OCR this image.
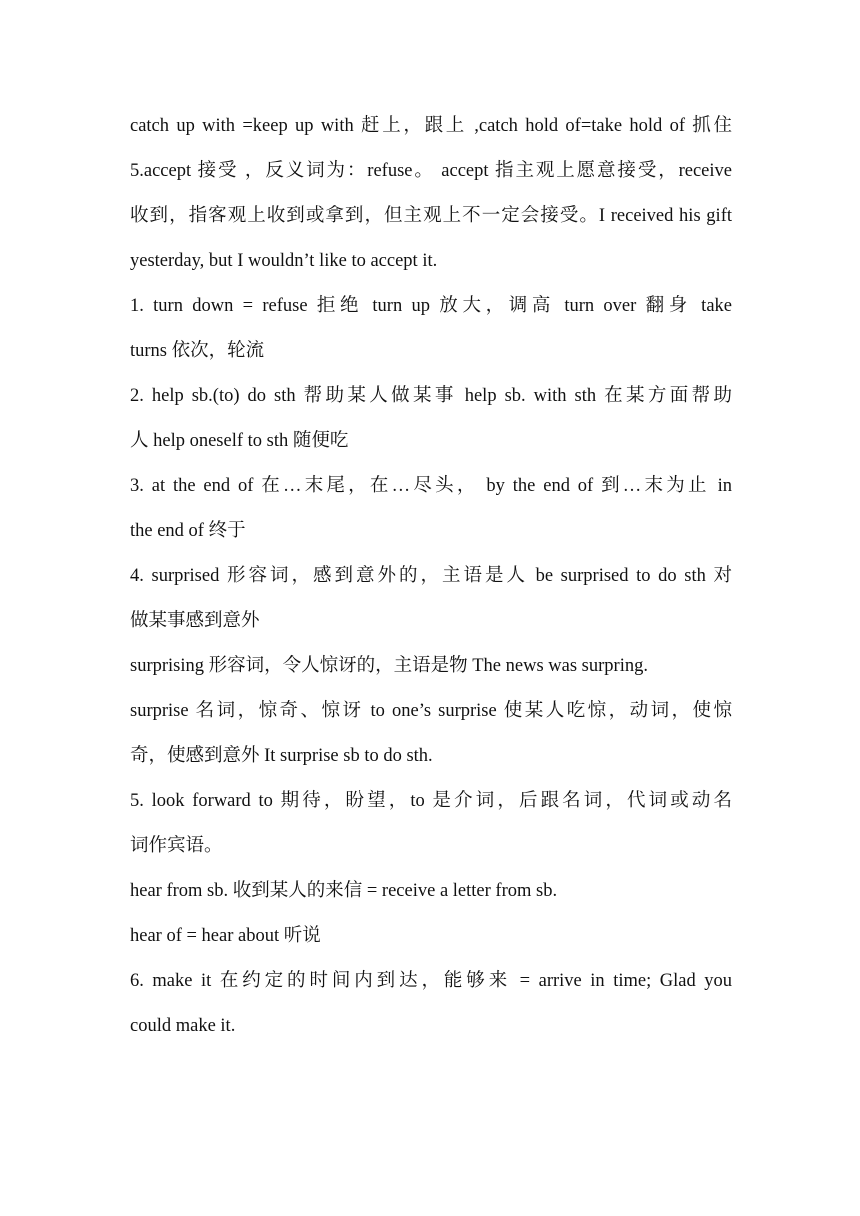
catch up with =keep up with 赶上，跟上 ,catch hold of=take hold of 抓住
5.accept 接受 ，反义词为：refuse。 accept 指主观上愿意接受，receive
收到，指客观上收到或拿到，但主观上不一定会接受。I received his gift
yesterday, but I wouldn’t like to accept it.
1. turn down = refuse 拒绝 turn up 放大，调高 turn over 翻身 take
turns 依次，轮流
2. help sb.(to) do sth 帮助某人做某事 help sb. with sth 在某方面帮助
人 help oneself to sth 随便吃
3. at the end of 在…末尾，在…尽头， by the end of 到…末为止 in
the end of 终于
4. surprised 形容词，感到意外的，主语是人 be surprised to do sth 对
做某事感到意外
surprising 形容词，令人惊讶的，主语是物 The news was surpring.
surprise 名词，惊奇、惊讶 to one’s surprise 使某人吃惊，动词，使惊
奇，使感到意外 It surprise sb to do sth.
5. look forward to 期待，盼望，to 是介词，后跟名词，代词或动名
词作宾语。
hear from sb. 收到某人的来信 = receive a letter from sb.
hear of = hear about 听说
6. make it 在约定的时间内到达，能够来 = arrive in time; Glad you
could make it.
